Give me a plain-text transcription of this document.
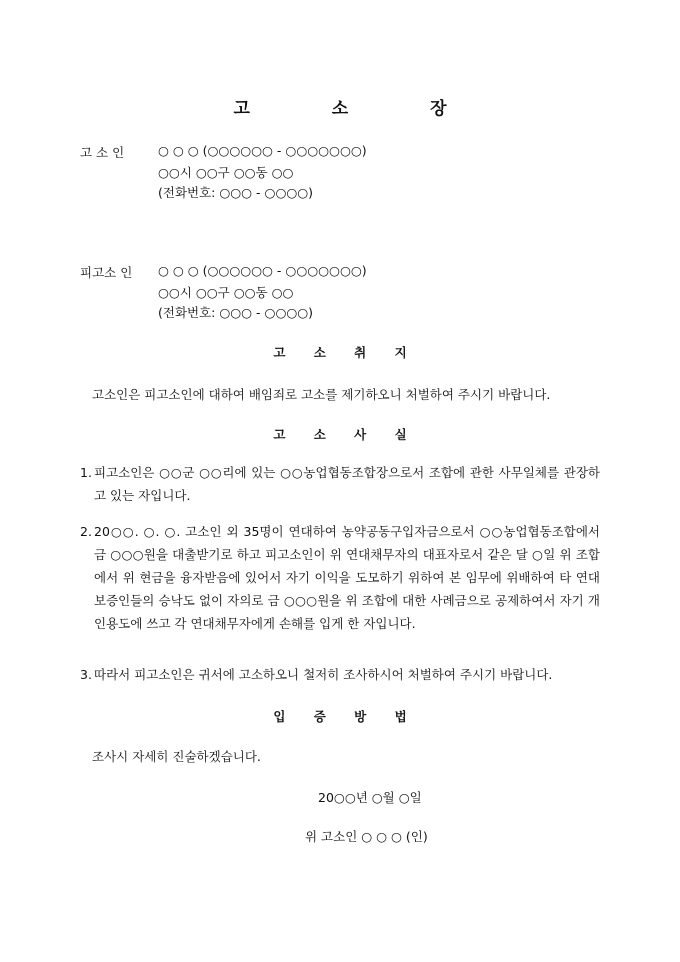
고 소 장
고 소 인	○ ○ ○ (○○○○○○ - ○○○○○○○)
○○시 ○○구 ○○동 ○○
(전화번호: ○○○ - ○○○○)
피고소 인 ○ ○ ○ (○○○○○○ - ○○○○○○○)
○○시 ○○구 ○○동 ○○
(전화번호: ○○○ - ○○○○)
고 소 취 지
고소인은 피고소인에 대하여 배임죄로 고소를 제기하오니 처벌하여 주시기 바랍니다.
고 소 사 실
1. 피고소인은 ○○군 ○○리에 있는 ○○농업협동조합장으로서 조합에 관한 사무일체를 관장하고 있는 자입니다.
2. 20○○. ○. ○. 고소인 외 35명이 연대하여 농약공동구입자금으로서 ○○농업협동조합에서 금 ○○○원을 대출받기로 하고 피고소인이 위 연대채무자의 대표자로서 같은 달 ○일 위 조합에서 위 현금을 융자받음에 있어서 자기 이익을 도모하기 위하여 본 임무에 위배하여 타 연대 보증인들의 승낙도 없이 자의로 금 ○○○원을 위 조합에 대한 사례금으로 공제하여서 자기 개인용도에 쓰고 각 연대채무자에게 손해를 입게 한 자입니다.
3. 따라서 피고소인은 귀서에 고소하오니 철저히 조사하시어 처벌하여 주시기 바랍니다.
입 증 방 법
조사시 자세히 진술하겠습니다.
20○○년 ○월 ○일
위 고소인 ○ ○ ○ (인)
